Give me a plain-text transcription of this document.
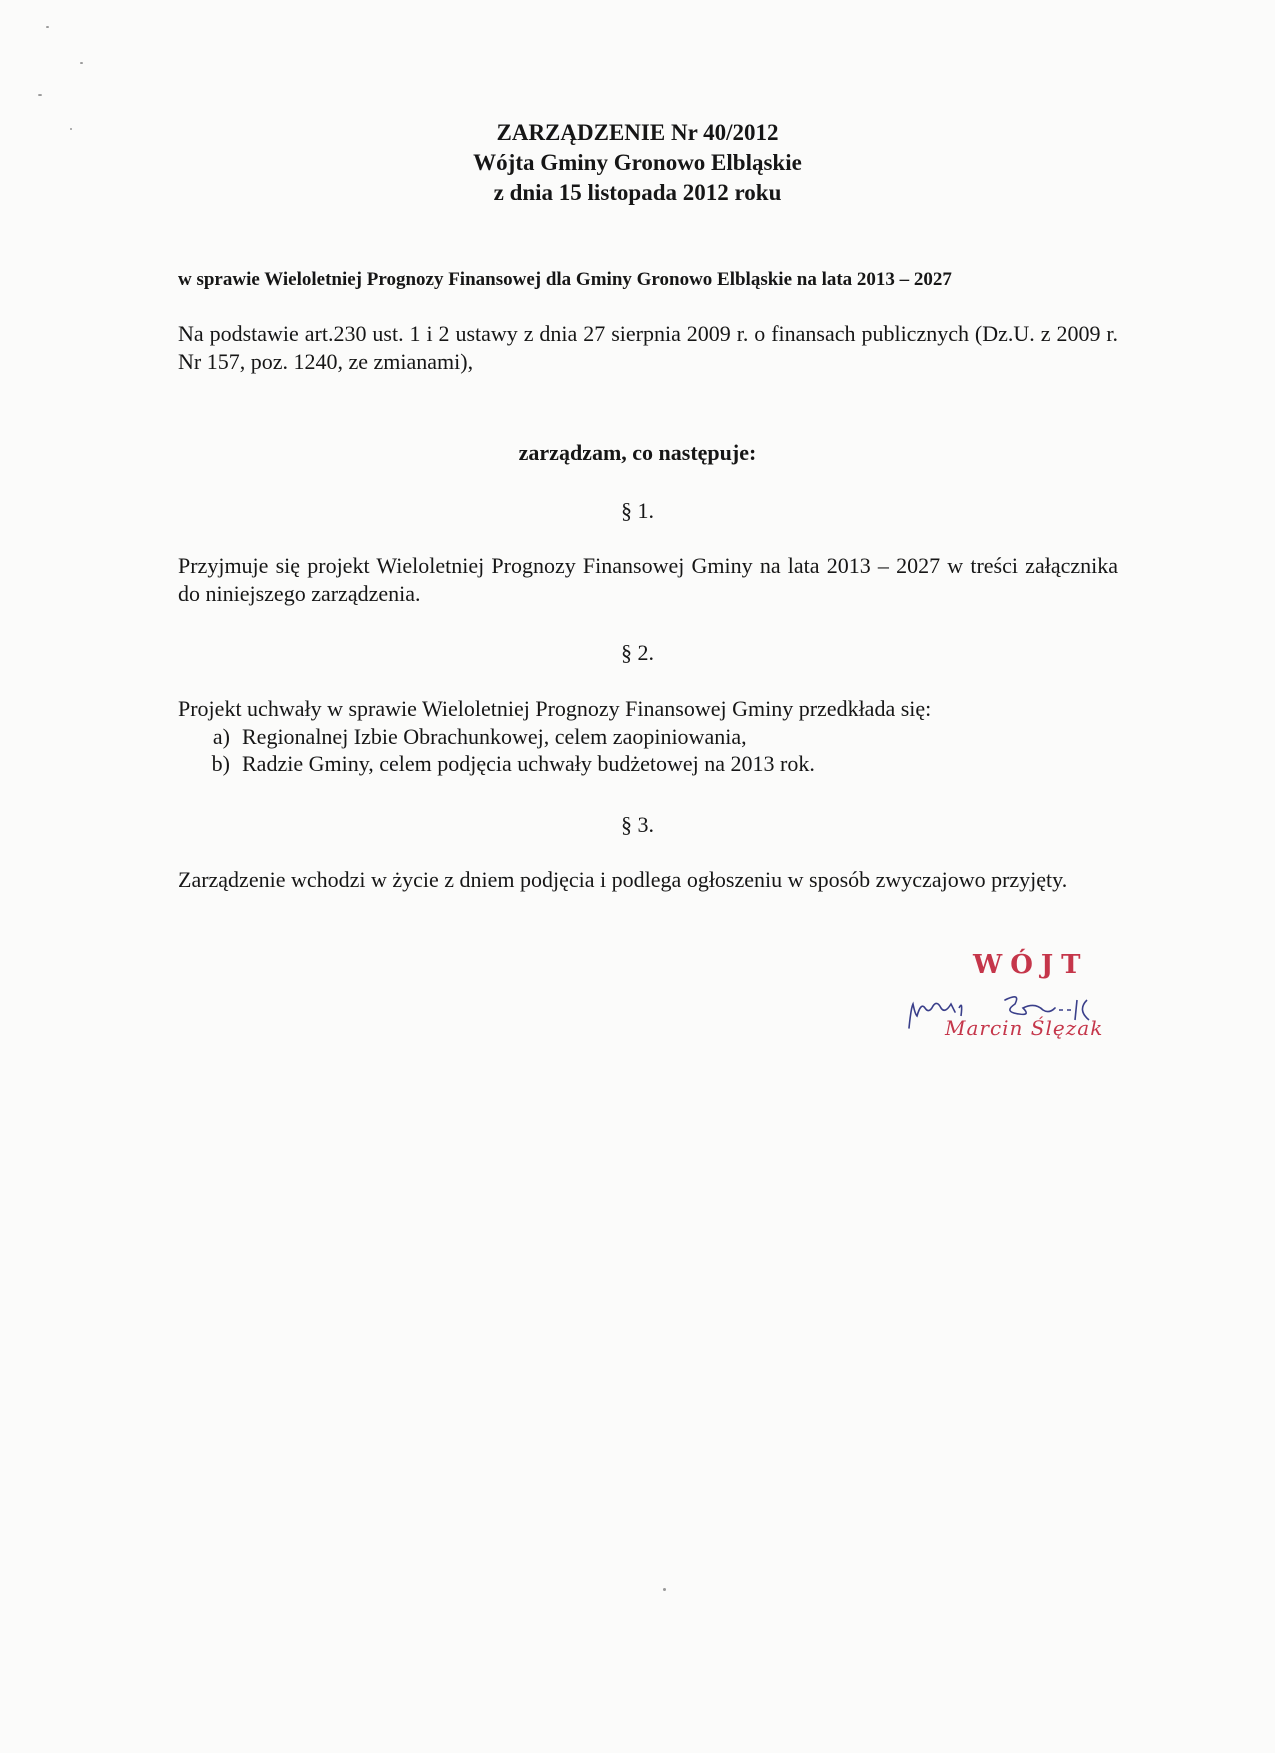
ZARZĄDZENIE Nr 40/2012
Wójta Gminy Gronowo Elbląskie
z dnia 15 listopada 2012 roku
w sprawie Wieloletniej Prognozy Finansowej dla Gminy Gronowo Elbląskie na lata 2013 – 2027
Na podstawie art.230 ust. 1 i 2 ustawy z dnia 27 sierpnia 2009 r. o finansach publicznych (Dz.U. z 2009 r. Nr 157, poz. 1240, ze zmianami),
zarządzam, co następuje:
§ 1.
Przyjmuje się projekt Wieloletniej Prognozy Finansowej Gminy na lata 2013 – 2027 w treści załącznika do niniejszego zarządzenia.
§ 2.
Projekt uchwały w sprawie Wieloletniej Prognozy Finansowej Gminy przedkłada się:
a) Regionalnej Izbie Obrachunkowej, celem zaopiniowania,
b) Radzie Gminy, celem podjęcia uchwały budżetowej na 2013 rok.
§ 3.
Zarządzenie wchodzi w życie z dniem podjęcia i podlega ogłoszeniu w sposób zwyczajowo przyjęty.
WÓJT
Marcin Ślęzak
